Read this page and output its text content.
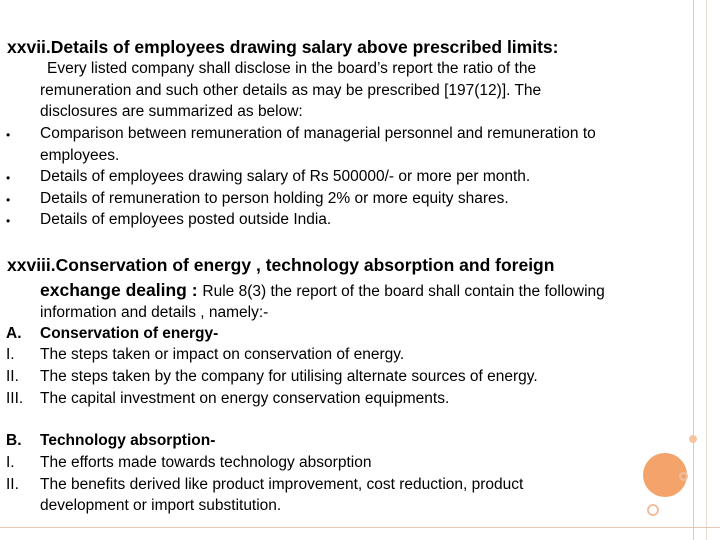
xxvii.Details of employees drawing salary above prescribed limits:
Every listed company shall disclose in the board’s report the ratio of the
remuneration and such other details as may be prescribed [197(12)]. The
disclosures are summarized as below:
• Comparison between remuneration of managerial personnel and remuneration to
employees.
• Details of employees drawing salary of Rs 500000/- or more per month.
• Details of remuneration to person holding 2% or more equity shares.
• Details of employees posted outside India.
xxviii.Conservation of energy , technology absorption and foreign
exchange dealing : Rule 8(3) the report of the board shall contain the following
information and details , namely:-
A. Conservation of energy-
I. The steps taken or impact on conservation of energy.
II. The steps taken by the company for utilising alternate sources of energy.
III. The capital investment on energy conservation equipments.
B. Technology absorption-
I. The efforts made towards technology absorption
II. The benefits derived like product improvement, cost reduction, product
development or import substitution.
